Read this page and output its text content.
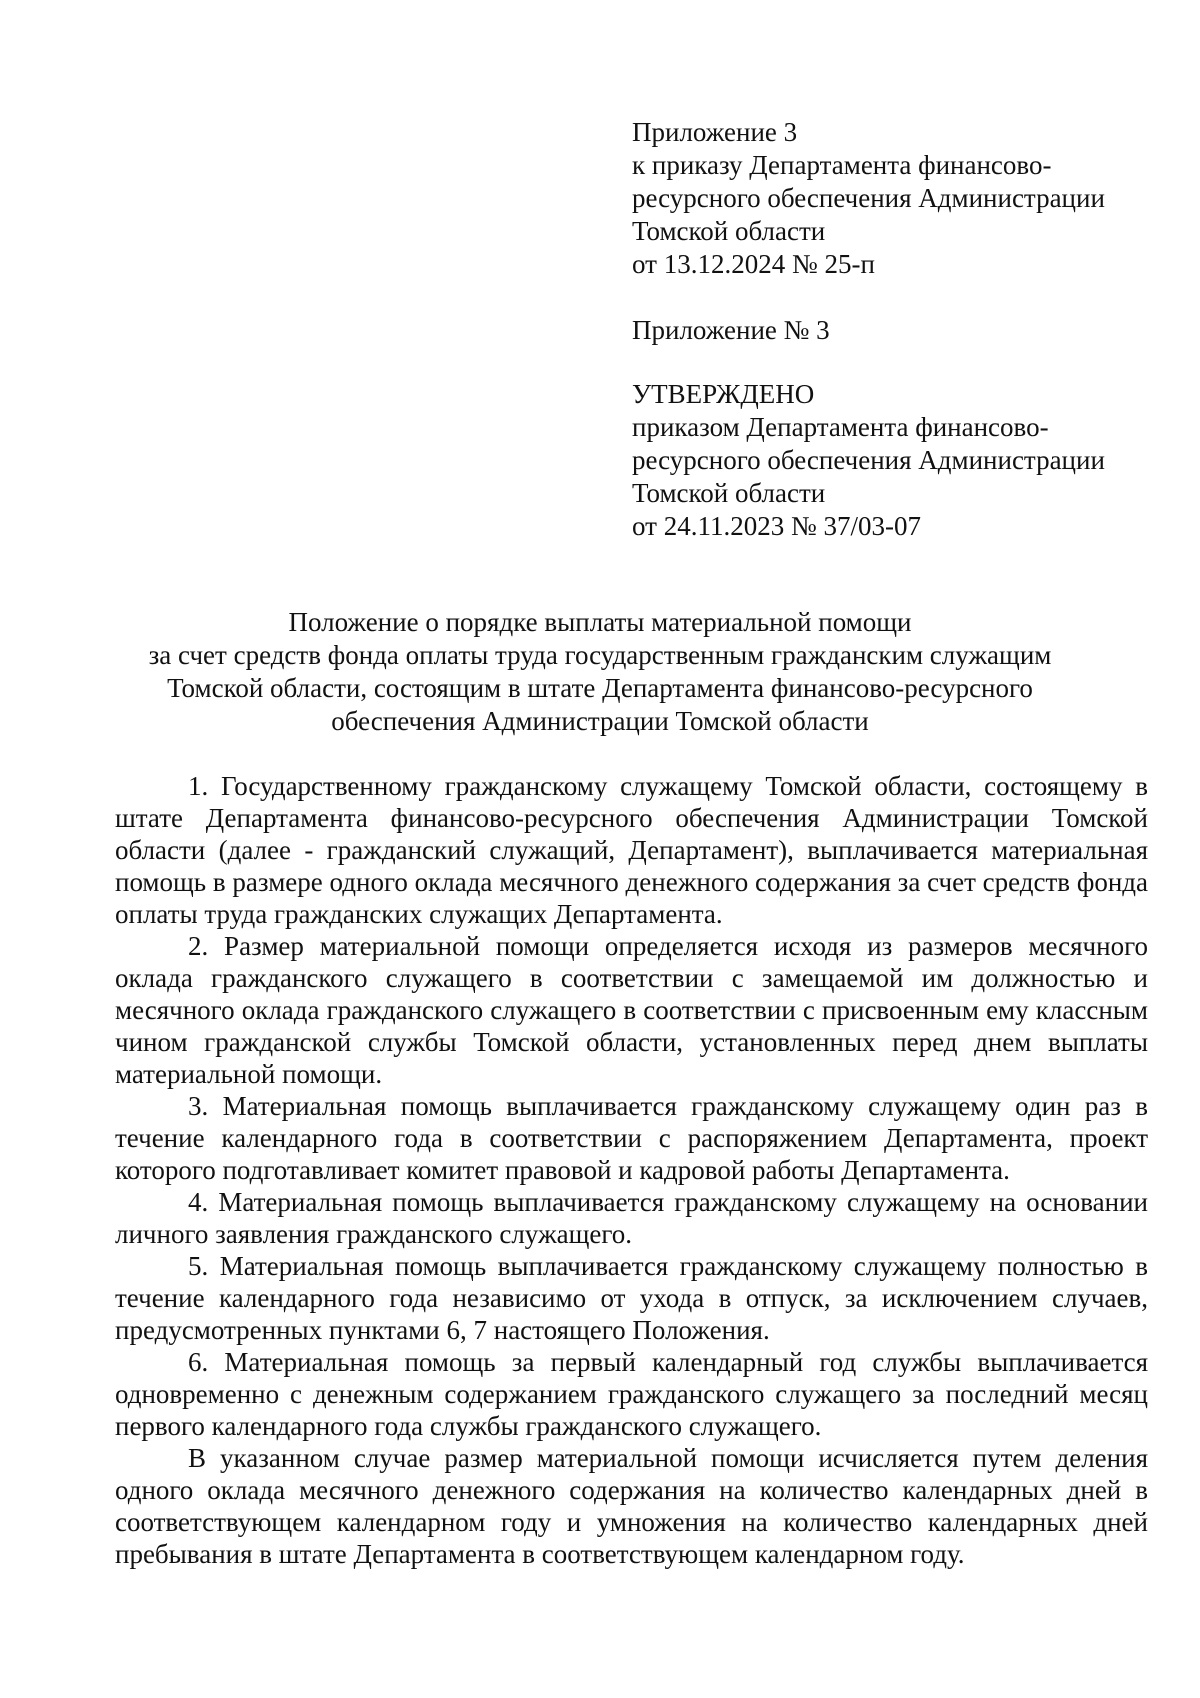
Приложение 3
к приказу Департамента финансово-
ресурсного обеспечения Администрации
Томской области
от 13.12.2024 № 25-п
Приложение № 3
УТВЕРЖДЕНО
приказом Департамента финансово-
ресурсного обеспечения Администрации
Томской области
от 24.11.2023 № 37/03-07
Положение о порядке выплаты материальной помощи
за счет средств фонда оплаты труда государственным гражданским служащим
Томской области, состоящим в штате Департамента финансово-ресурсного
обеспечения Администрации Томской области

1. Государственному гражданскому служащему Томской области, состоящему в штате Департамента финансово-ресурсного обеспечения Администрации Томской области (далее - гражданский служащий, Департамент), выплачивается материальная помощь в размере одного оклада месячного денежного содержания за счет средств фонда оплаты труда гражданских служащих Департамента.

2. Размер материальной помощи определяется исходя из размеров месячного оклада гражданского служащего в соответствии с замещаемой им должностью и месячного оклада гражданского служащего в соответствии с присвоенным ему классным чином гражданской службы Томской области, установленных перед днем выплаты материальной помощи.

3. Материальная помощь выплачивается гражданскому служащему один раз в течение календарного года в соответствии с распоряжением Департамента, проект которого подготавливает комитет правовой и кадровой работы Департамента.

4. Материальная помощь выплачивается гражданскому служащему на основании личного заявления гражданского служащего.

5. Материальная помощь выплачивается гражданскому служащему полностью в течение календарного года независимо от ухода в отпуск, за исключением случаев, предусмотренных пунктами 6, 7 настоящего Положения.

6. Материальная помощь за первый календарный год службы выплачивается одновременно с денежным содержанием гражданского служащего за последний месяц первого календарного года службы гражданского служащего.

В указанном случае размер материальной помощи исчисляется путем деления одного оклада месячного денежного содержания на количество календарных дней в соответствующем календарном году и умножения на количество календарных дней пребывания в штате Департамента в соответствующем календарном году.
